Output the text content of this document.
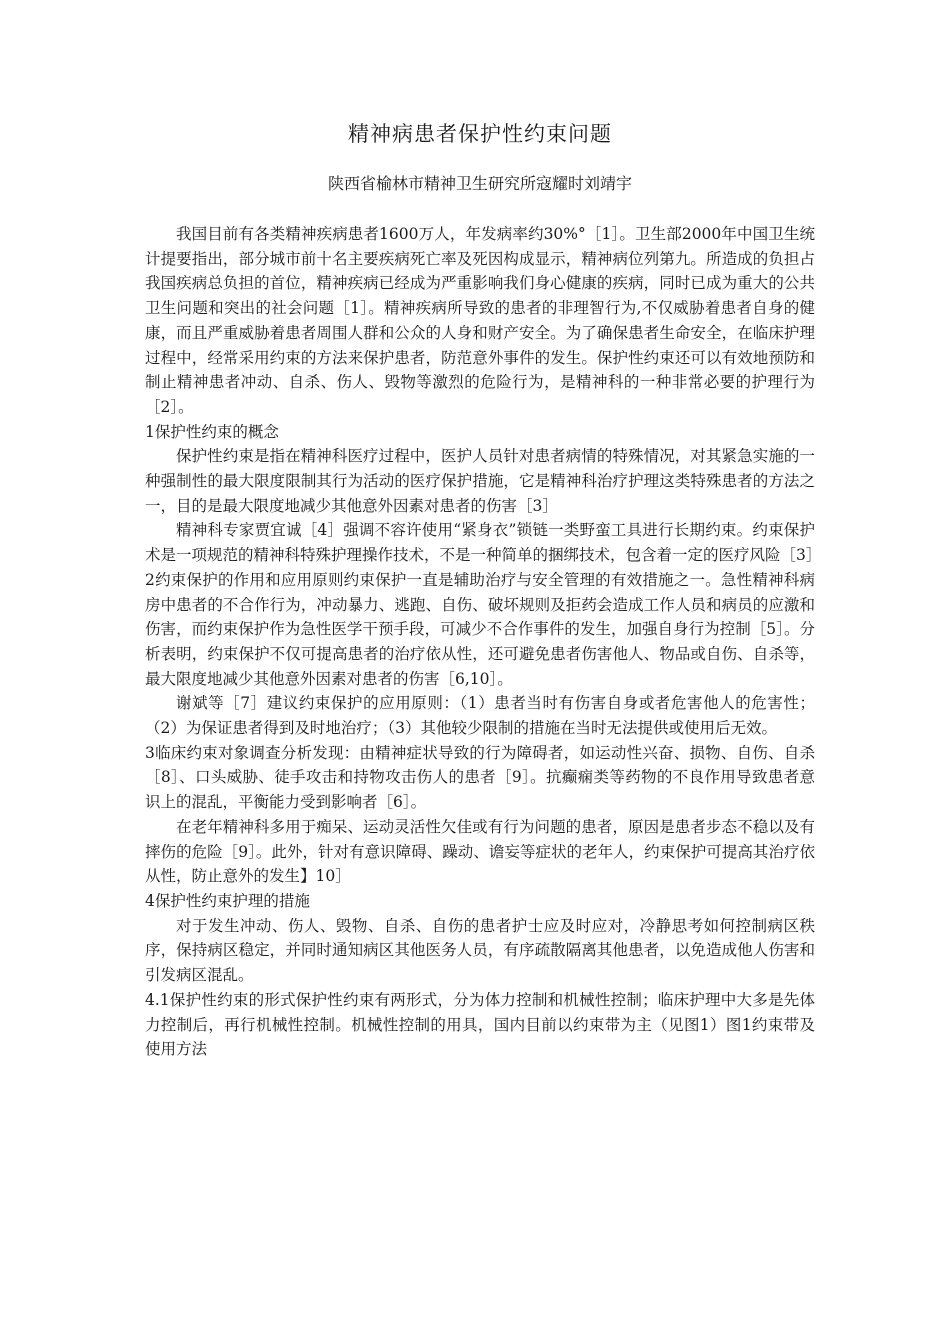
精神病患者保护性约束问题
陕西省榆林市精神卫生研究所寇耀时刘靖宇

我国目前有各类精神疾病患者1600万人，年发病率约30%°［1］。卫生部2000年中国卫生统计提要指出，部分城市前十名主要疾病死亡率及死因构成显示，精神病位列第九。所造成的负担占我国疾病总负担的首位，精神疾病已经成为严重影响我们身心健康的疾病，同时已成为重大的公共卫生问题和突出的社会问题［1］。精神疾病所导致的患者的非理智行为,不仅威胁着患者自身的健康，而且严重威胁着患者周围人群和公众的人身和财产安全。为了确保患者生命安全，在临床护理过程中，经常采用约束的方法来保护患者，防范意外事件的发生。保护性约束还可以有效地预防和制止精神患者冲动、自杀、伤人、毁物等激烈的危险行为，是精神科的一种非常必要的护理行为［2］。

1保护性约束的概念

保护性约束是指在精神科医疗过程中，医护人员针对患者病情的特殊情况，对其紧急实施的一种强制性的最大限度限制其行为活动的医疗保护措施，它是精神科治疗护理这类特殊患者的方法之一，目的是最大限度地减少其他意外因素对患者的伤害［3］

精神科专家贾宜诚［4］强调不容许使用“紧身衣”锁链一类野蛮工具进行长期约束。约束保护术是一项规范的精神科特殊护理操作技术，不是一种简单的捆绑技术，包含着一定的医疗风险［3］

2约束保护的作用和应用原则约束保护一直是辅助治疗与安全管理的有效措施之一。急性精神科病房中患者的不合作行为，冲动暴力、逃跑、自伤、破坏规则及拒药会造成工作人员和病员的应激和伤害，而约束保护作为急性医学干预手段，可减少不合作事件的发生，加强自身行为控制［5］。分析表明，约束保护不仅可提高患者的治疗依从性，还可避免患者伤害他人、物品或自伤、自杀等，最大限度地减少其他意外因素对患者的伤害［6,10］。

谢斌等［7］建议约束保护的应用原则：（1）患者当时有伤害自身或者危害他人的危害性；（2）为保证患者得到及时地治疗；（3）其他较少限制的措施在当时无法提供或使用后无效。

3临床约束对象调查分析发现：由精神症状导致的行为障碍者，如运动性兴奋、损物、自伤、自杀［8］、口头威胁、徒手攻击和持物攻击伤人的患者［9］。抗癫痫类等药物的不良作用导致患者意识上的混乱，平衡能力受到影响者［6］。

在老年精神科多用于痴呆、运动灵活性欠佳或有行为问题的患者，原因是患者步态不稳以及有摔伤的危险［9］。此外，针对有意识障碍、躁动、谵妄等症状的老年人，约束保护可提高其治疗依从性，防止意外的发生】10］

4保护性约束护理的措施

对于发生冲动、伤人、毁物、自杀、自伤的患者护士应及时应对，冷静思考如何控制病区秩序，保持病区稳定，并同时通知病区其他医务人员，有序疏散隔离其他患者，以免造成他人伤害和引发病区混乱。

4.1保护性约束的形式保护性约束有两形式，分为体力控制和机械性控制；临床护理中大多是先体力控制后，再行机械性控制。机械性控制的用具，国内目前以约束带为主（见图1）图1约束带及使用方法
